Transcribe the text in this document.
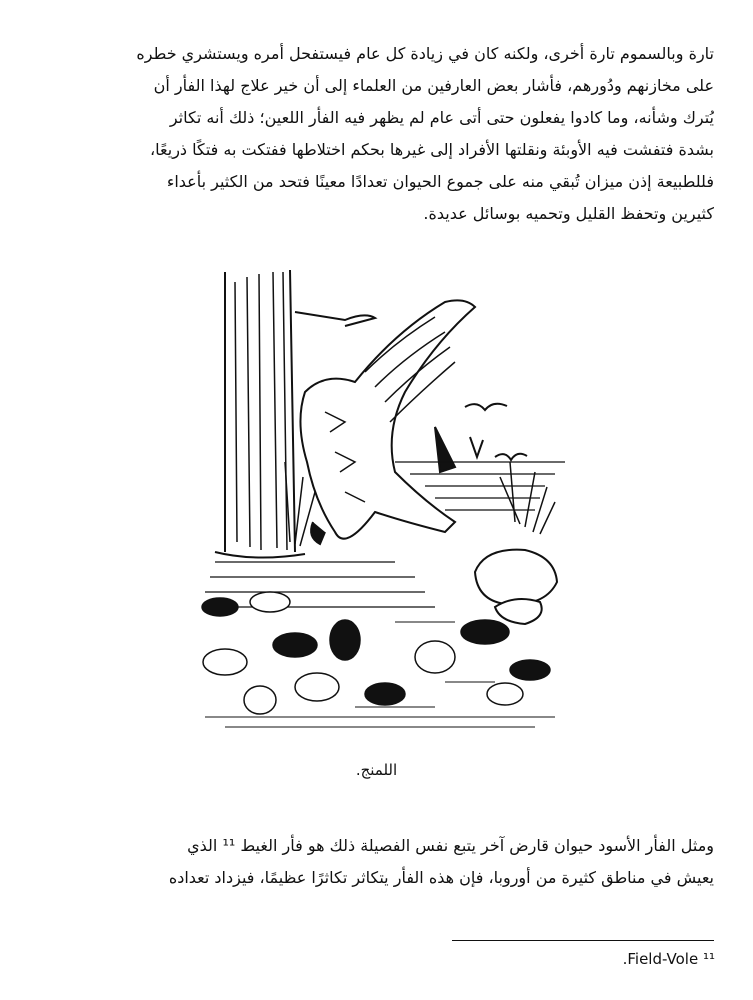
تارة وبالسموم تارة أخرى، ولكنه كان في زيادة كل عام فيستفحل أمره ويستشري خطره
على مخازنهم ودُورهم، فأشار بعض العارفين من العلماء إلى أن خير علاج لهذا الفأر أن
يُترك وشأنه، وما كادوا يفعلون حتى أتى عام لم يظهر فيه الفأر اللعين؛ ذلك أنه تكاثر
بشدة فتفشت فيه الأوبئة ونقلتها الأفراد إلى غيرها بحكم اختلاطها ففتكت به فتكًا ذريعًا،
فللطبيعة إذن ميزان تُبقي منه على جموع الحيوان تعدادًا معينًا فتحد من الكثير بأعداء
كثيرين وتحفظ القليل وتحميه بوسائل عديدة.
اللمنج.
ومثل الفأر الأسود حيوان قارض آخر يتبع نفس الفصيلة ذلك هو فأر الغيط ¹¹ الذي
يعيش في مناطق كثيرة من أوروبا، فإن هذه الفأر يتكاثر تكاثرًا عظيمًا، فيزداد تعداده
¹¹ Field-Vole.
